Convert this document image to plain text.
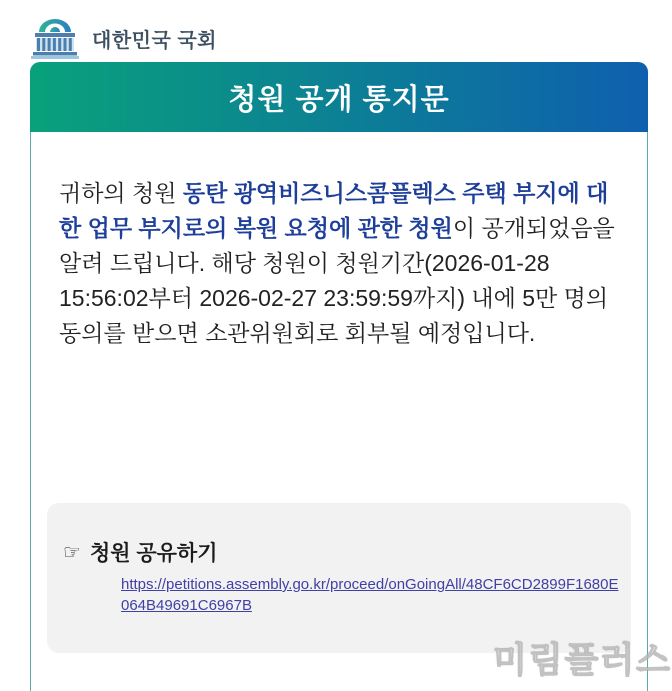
대한민국 국회
청원 공개 통지문

귀하의 청원 동탄 광역비즈니스콤플렉스 주택 부지에 대한 업무 부지로의 복원 요청에 관한 청원이 공개되었음을 알려 드립니다. 해당 청원이 청원기간(2026-01-28 15:56:02부터 2026-02-27 23:59:59까지) 내에 5만 명의 동의를 받으면 소관위원회로 회부될 예정입니다.

☞ 청원 공유하기
https://petitions.assembly.go.kr/proceed/onGoingAll/48CF6CD2899F1680E064B49691C6967B
미림플러스
